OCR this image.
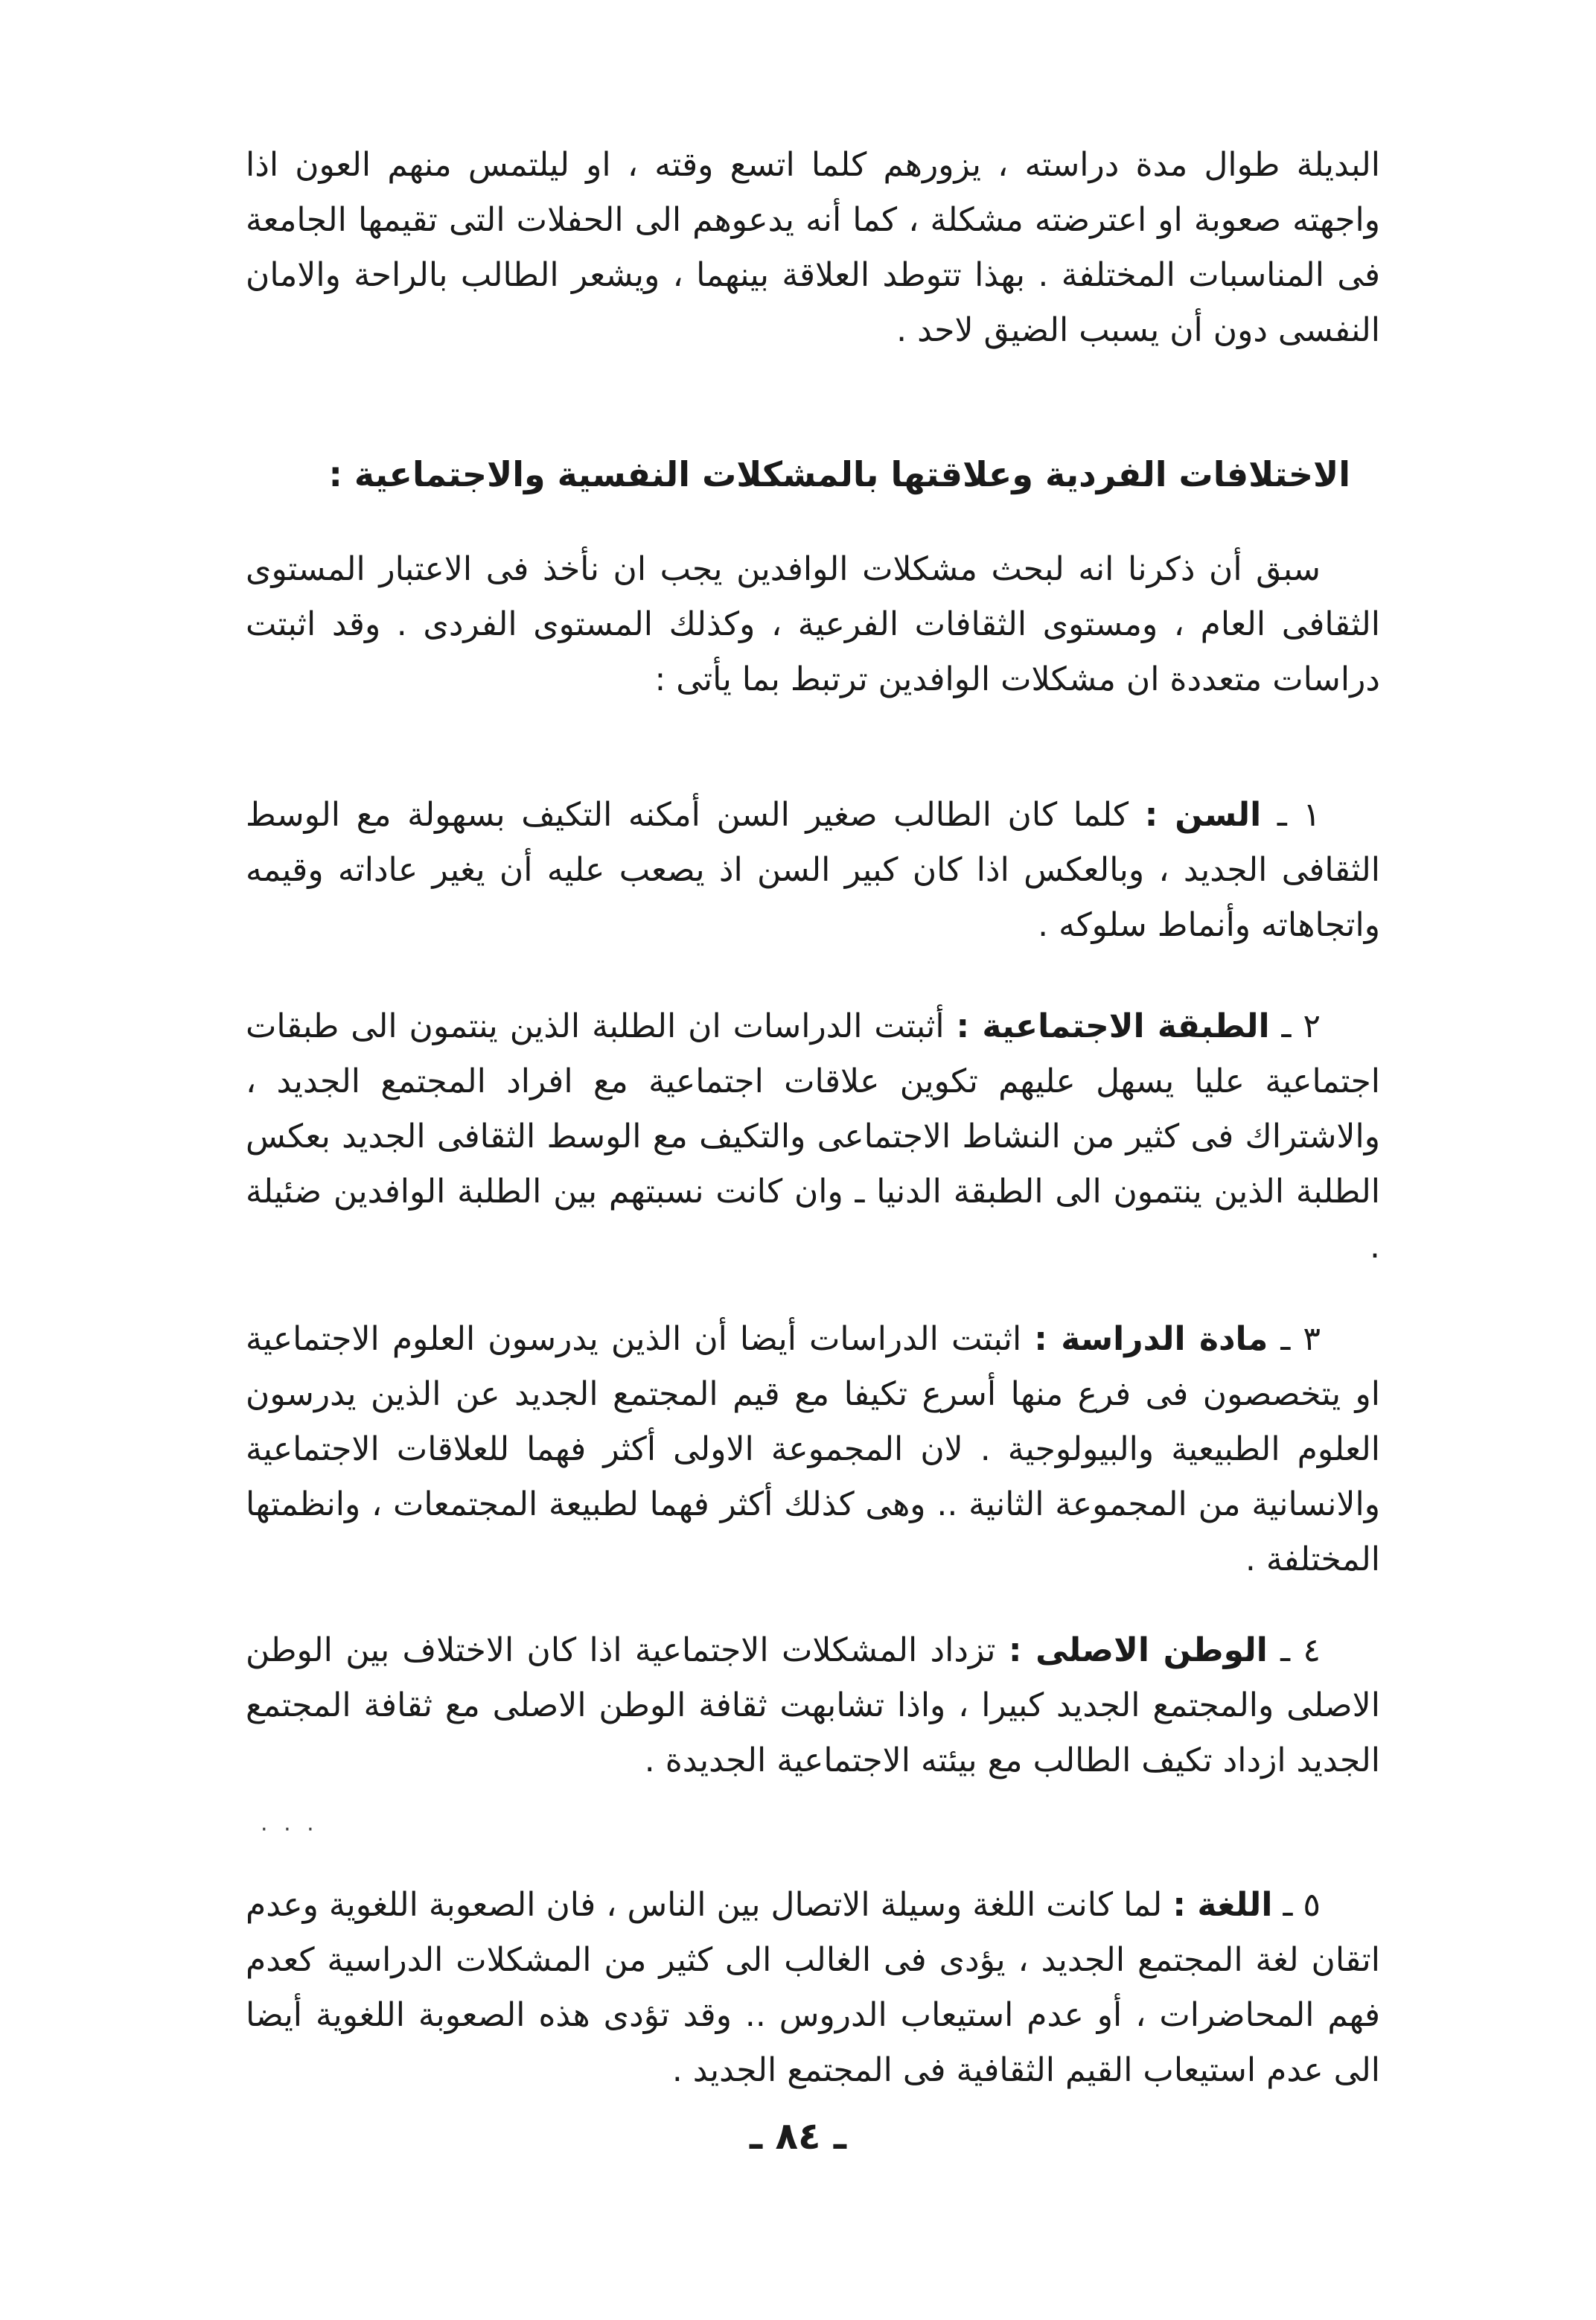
البديلة طوال مدة دراسته ، يزورهم كلما اتسع وقته ، او ليلتمس منهم العون اذا واجهته صعوبة او اعترضته مشكلة ، كما أنه يدعوهم الى الحفلات التى تقيمها الجامعة فى المناسبات المختلفة . بهذا تتوطد العلاقة بينهما ، ويشعر الطالب بالراحة والامان النفسى دون أن يسبب الضيق لاحد .

الاختلافات الفردية وعلاقتها بالمشكلات النفسية والاجتماعية :

سبق أن ذكرنا انه لبحث مشكلات الوافدين يجب ان نأخذ فى الاعتبار المستوى الثقافى العام ، ومستوى الثقافات الفرعية ، وكذلك المستوى الفردى . وقد اثبتت دراسات متعددة ان مشكلات الوافدين ترتبط بما يأتى :

١ ـ السن : كلما كان الطالب صغير السن أمكنه التكيف بسهولة مع الوسط الثقافى الجديد ، وبالعكس اذا كان كبير السن اذ يصعب عليه أن يغير عاداته وقيمه واتجاهاته وأنماط سلوكه .

٢ ـ الطبقة الاجتماعية : أثبتت الدراسات ان الطلبة الذين ينتمون الى طبقات اجتماعية عليا يسهل عليهم تكوين علاقات اجتماعية مع افراد المجتمع الجديد ، والاشتراك فى كثير من النشاط الاجتماعى والتكيف مع الوسط الثقافى الجديد بعكس الطلبة الذين ينتمون الى الطبقة الدنيا ـ وان كانت نسبتهم بين الطلبة الوافدين ضئيلة .

٣ ـ مادة الدراسة : اثبتت الدراسات أيضا أن الذين يدرسون العلوم الاجتماعية او يتخصصون فى فرع منها أسرع تكيفا مع قيم المجتمع الجديد عن الذين يدرسون العلوم الطبيعية والبيولوجية . لان المجموعة الاولى أكثر فهما للعلاقات الاجتماعية والانسانية من المجموعة الثانية .. وهى كذلك أكثر فهما لطبيعة المجتمعات ، وانظمتها المختلفة .

٤ ـ الوطن الاصلى : تزداد المشكلات الاجتماعية اذا كان الاختلاف بين الوطن الاصلى والمجتمع الجديد كبيرا ، واذا تشابهت ثقافة الوطن الاصلى مع ثقافة المجتمع الجديد ازداد تكيف الطالب مع بيئته الاجتماعية الجديدة .

· · ·

٥ ـ اللغة : لما كانت اللغة وسيلة الاتصال بين الناس ، فان الصعوبة اللغوية وعدم اتقان لغة المجتمع الجديد ، يؤدى فى الغالب الى كثير من المشكلات الدراسية كعدم فهم المحاضرات ، أو عدم استيعاب الدروس .. وقد تؤدى هذه الصعوبة اللغوية أيضا الى عدم استيعاب القيم الثقافية فى المجتمع الجديد .

ـ ٨٤ ـ
